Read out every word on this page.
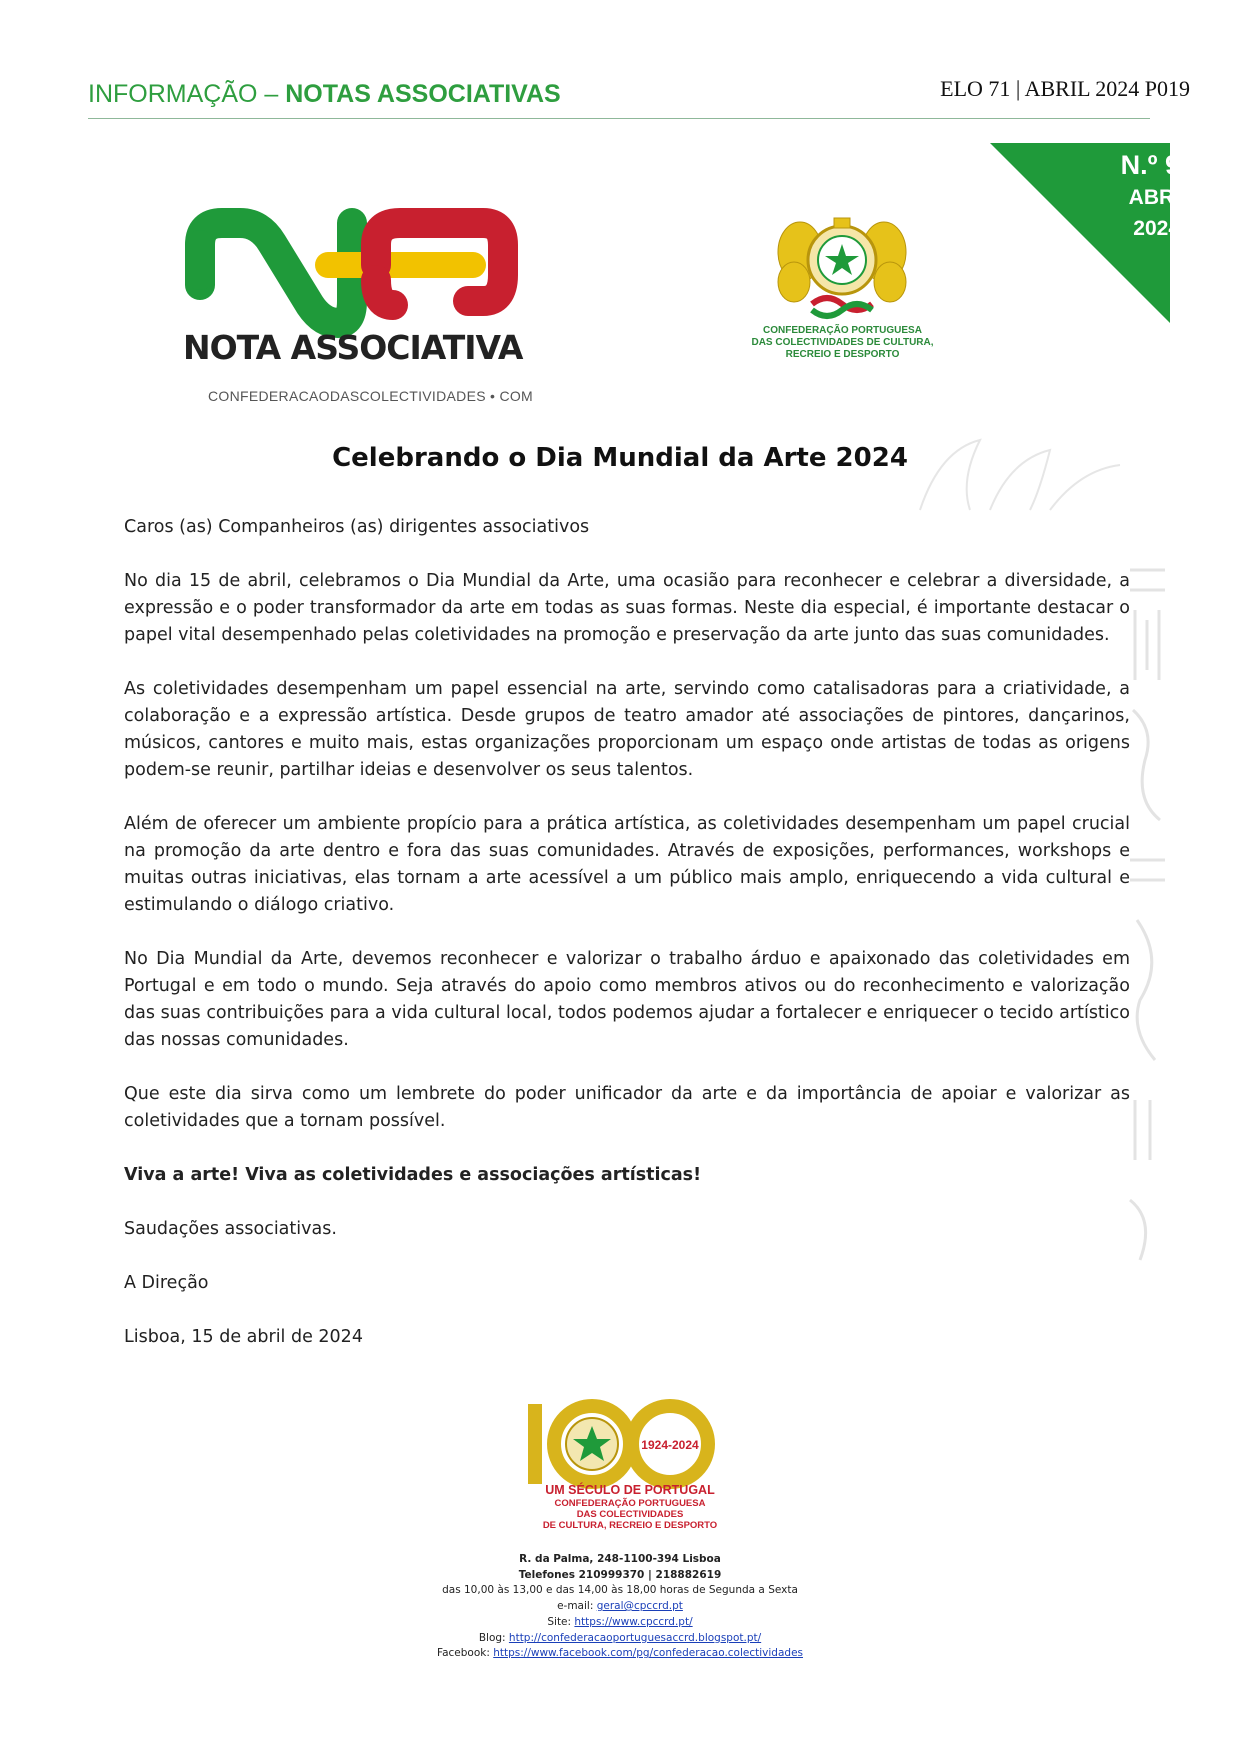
INFORMAÇÃO – NOTAS ASSOCIATIVAS	ELO 71 | ABRIL 2024 P019
N.º 9
ABR.
2024
NOTA ASSOCIATIVA
CONFEDERACAODASCOLECTIVIDADES • COM
CONFEDERAÇÃO PORTUGUESA
DAS COLECTIVIDADES DE CULTURA,
RECREIO E DESPORTO
Celebrando o Dia Mundial da Arte 2024

Caros (as) Companheiros (as) dirigentes associativos

No dia 15 de abril, celebramos o Dia Mundial da Arte, uma ocasião para reconhecer e celebrar a diversidade, a expressão e o poder transformador da arte em todas as suas formas. Neste dia especial, é importante destacar o papel vital desempenhado pelas coletividades na promoção e preservação da arte junto das suas comunidades.

As coletividades desempenham um papel essencial na arte, servindo como catalisadoras para a criatividade, a colaboração e a expressão artística. Desde grupos de teatro amador até associações de pintores, dançarinos, músicos, cantores e muito mais, estas organizações proporcionam um espaço onde artistas de todas as origens podem-se reunir, partilhar ideias e desenvolver os seus talentos.

Além de oferecer um ambiente propício para a prática artística, as coletividades desempenham um papel crucial na promoção da arte dentro e fora das suas comunidades. Através de exposições, performances, workshops e muitas outras iniciativas, elas tornam a arte acessível a um público mais amplo, enriquecendo a vida cultural e estimulando o diálogo criativo.

No Dia Mundial da Arte, devemos reconhecer e valorizar o trabalho árduo e apaixonado das coletividades em Portugal e em todo o mundo. Seja através do apoio como membros ativos ou do reconhecimento e valorização das suas contribuições para a vida cultural local, todos podemos ajudar a fortalecer e enriquecer o tecido artístico das nossas comunidades.

Que este dia sirva como um lembrete do poder unificador da arte e da importância de apoiar e valorizar as coletividades que a tornam possível.

Viva a arte! Viva as coletividades e associações artísticas!

Saudações associativas.

A Direção

Lisboa, 15 de abril de 2024

1924-2024
UM SÉCULO DE PORTUGAL
CONFEDERAÇÃO PORTUGUESA
DAS COLECTIVIDADES
DE CULTURA, RECREIO E DESPORTO
R. da Palma, 248-1100-394 Lisboa
Telefones 210999370 | 218882619
das 10,00 às 13,00 e das 14,00 às 18,00 horas de Segunda a Sexta
e-mail: geral@cpccrd.pt
Site: https://www.cpccrd.pt/
Blog: http://confederacaoportuguesaccrd.blogspot.pt/
Facebook: https://www.facebook.com/pg/confederacao.colectividades
